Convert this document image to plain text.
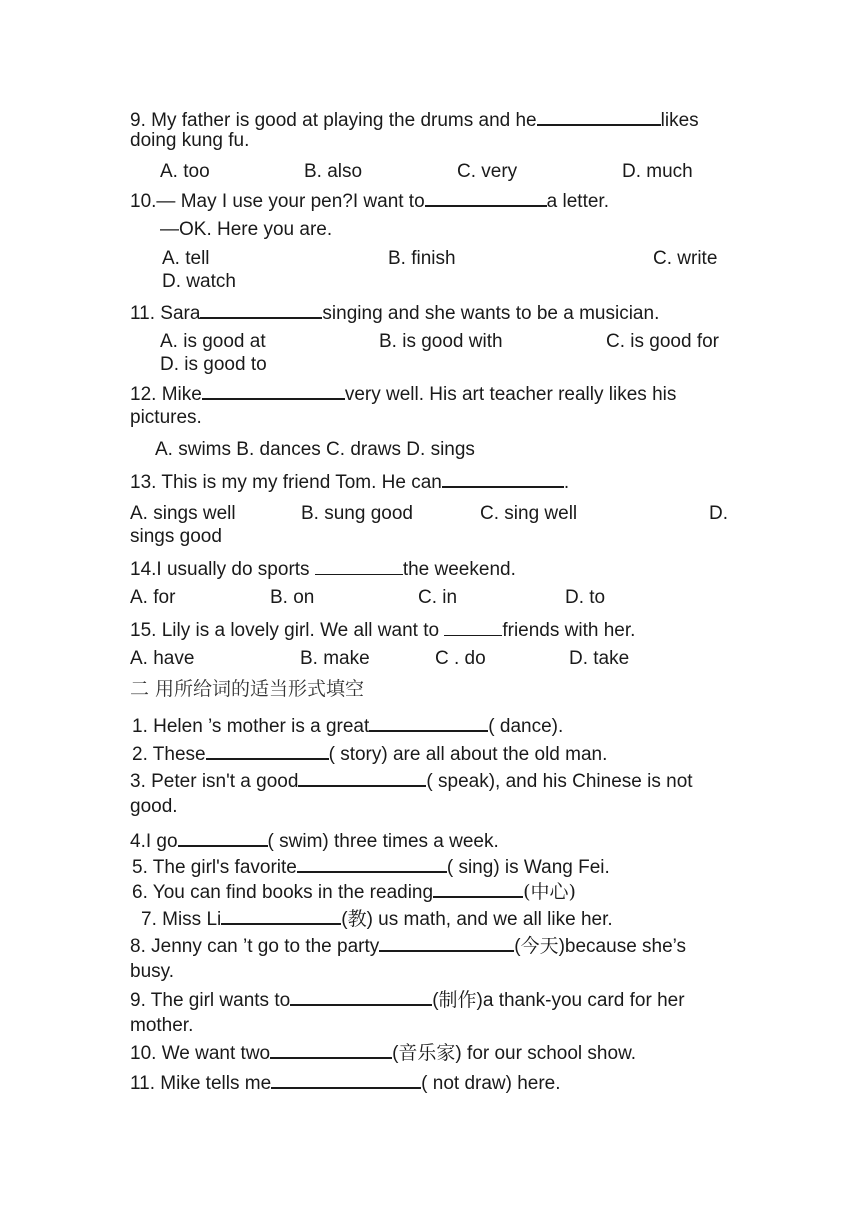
9. My father is good at playing the drums and he	likes
doing kung fu.
A. too	B. also	C. very	D. much
10.— May I use your pen?I want to	a letter.
—OK. Here you are.
A. tell	B. finish	C. write
D. watch
11. Sara	singing and she wants to be a musician.
A. is good at	B. is good with	C. is good for
D. is good to
12. Mike	very well. His art teacher really likes his
pictures.
A. swims B. dances C. draws D. sings
13. This is my my friend Tom. He can	.
A. sings well	B. sung good	C. sing well	D.
sings good
14.I usually do sports	the weekend.
A. for	B. on	C. in	D. to
15. Lily is a lovely girl. We all want to	friends with her.
A. have	B. make	C . do	D. take
二 用所给词的适当形式填空
1. Helen ’s mother is a great	( dance).
2. These	( story) are all about the old man.
3. Peter isn't a good	( speak), and his Chinese is not
good.
4.I go	( swim) three times a week.
5. The girl's favorite	( sing) is Wang Fei.
6. You can find books in the reading	(中心)
7. Miss Li	(教) us math, and we all like her.
8. Jenny can ’t go to the party	(今天)because she’s
busy.
9. The girl wants to	(制作)a thank-you card for her
mother.
10. We want two	(音乐家) for our school show.
11. Mike tells me	( not draw) here.
